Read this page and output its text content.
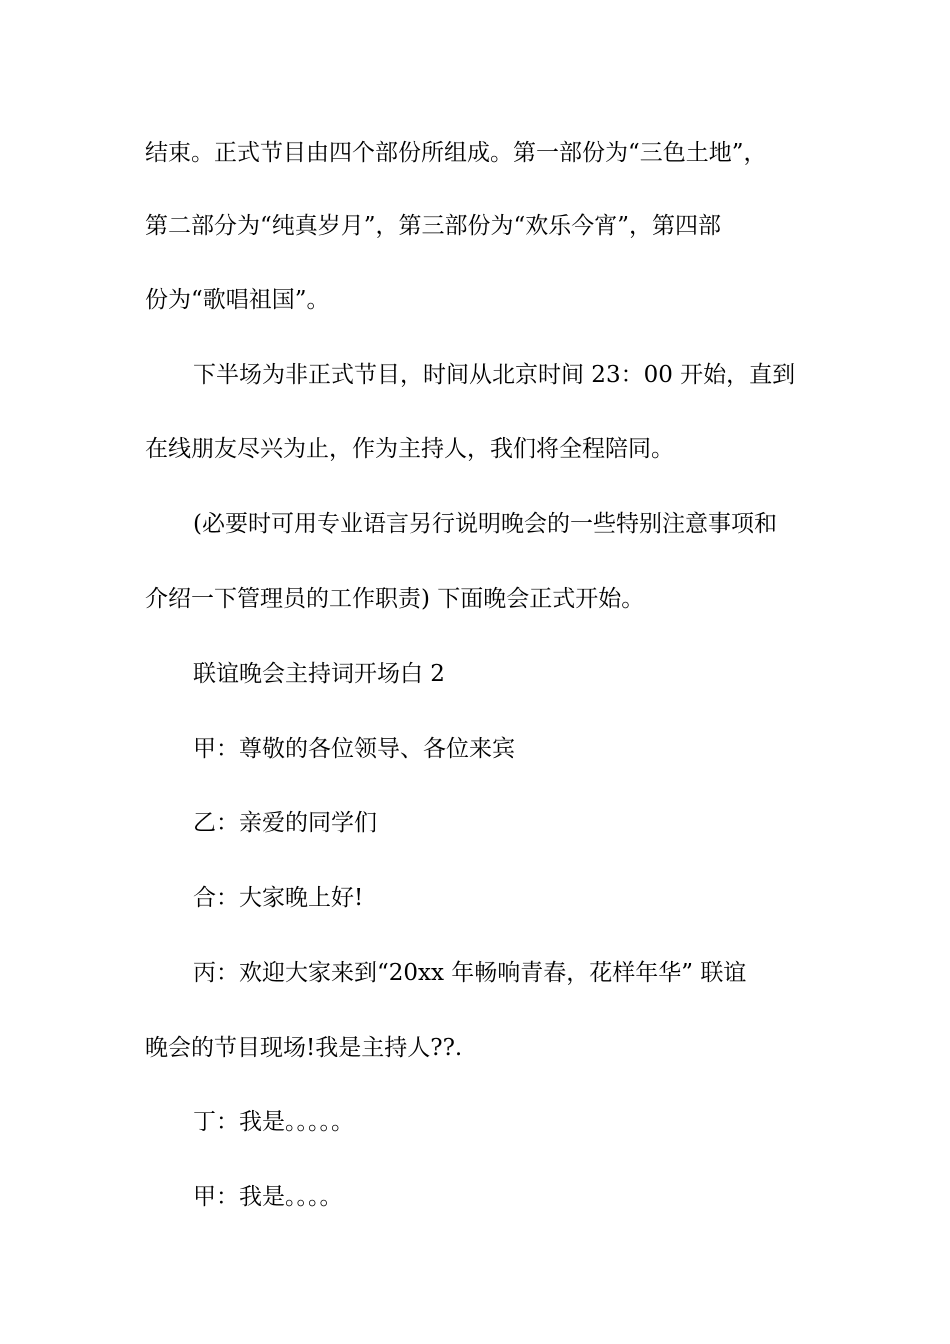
结束。正式节目由四个部份所组成。第一部份为“三色土地”，
第二部分为“纯真岁月”，第三部份为“欢乐今宵”，第四部
份为“歌唱祖国”。
下半场为非正式节目，时间从北京时间 23：00 开始，直到
在线朋友尽兴为止，作为主持人，我们将全程陪同。
(必要时可用专业语言另行说明晚会的一些特别注意事项和
介绍一下管理员的工作职责) 下面晚会正式开始。
联谊晚会主持词开场白 2
甲：尊敬的各位领导、各位来宾
乙：亲爱的同学们
合：大家晚上好!
丙：欢迎大家来到“20xx 年畅响青春，花样年华” 联谊
晚会的节目现场!我是主持人??.
丁：我是。。。。。
甲：我是。。。。
